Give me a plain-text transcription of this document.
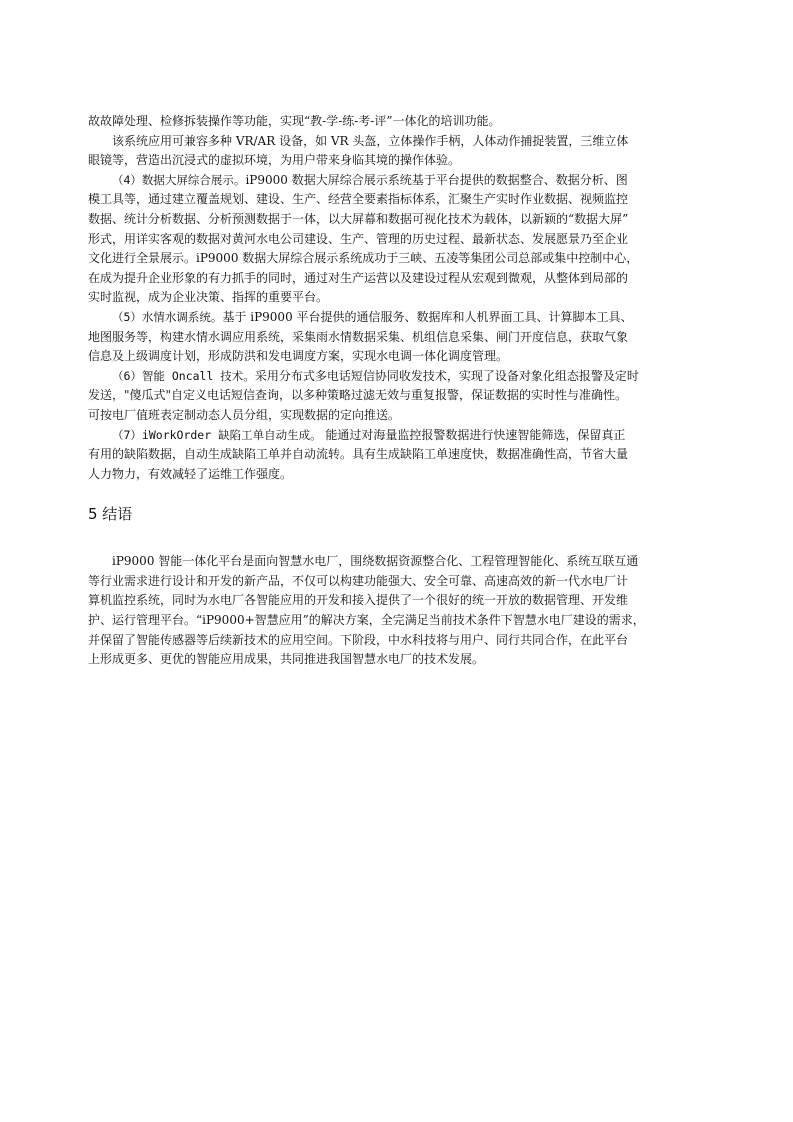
故故障处理、检修拆装操作等功能，实现“教-学-练-考-评”一体化的培训功能。
该系统应用可兼容多种 VR/AR 设备，如 VR 头盔，立体操作手柄，人体动作捕捉装置，三维立体
眼镜等，营造出沉浸式的虚拟环境，为用户带来身临其境的操作体验。
（4）数据大屏综合展示。iP9000 数据大屏综合展示系统基于平台提供的数据整合、数据分析、图
模工具等，通过建立覆盖规划、建设、生产、经营全要素指标体系，汇聚生产实时作业数据、视频监控
数据、统计分析数据、分析预测数据于一体，以大屏幕和数据可视化技术为载体，以新颖的“数据大屏”
形式，用详实客观的数据对黄河水电公司建设、生产、管理的历史过程、最新状态、发展愿景乃至企业
文化进行全景展示。iP9000 数据大屏综合展示系统成功于三峡、五凌等集团公司总部或集中控制中心，
在成为提升企业形象的有力抓手的同时，通过对生产运营以及建设过程从宏观到微观，从整体到局部的
实时监视，成为企业决策、指挥的重要平台。
（5）水情水调系统。基于 iP9000 平台提供的通信服务、数据库和人机界面工具、计算脚本工具、
地图服务等，构建水情水调应用系统，采集雨水情数据采集、机组信息采集、闸门开度信息，获取气象
信息及上级调度计划，形成防洪和发电调度方案，实现水电调一体化调度管理。
（6）智能 Oncall 技术。采用分布式多电话短信协同收发技术，实现了设备对象化组态报警及定时
发送，"傻瓜式"自定义电话短信查询，以多种策略过滤无效与重复报警，保证数据的实时性与准确性。
可按电厂值班表定制动态人员分组，实现数据的定向推送。
（7）iWorkOrder 缺陷工单自动生成。 能通过对海量监控报警数据进行快速智能筛选，保留真正
有用的缺陷数据，自动生成缺陷工单并自动流转。具有生成缺陷工单速度快，数据准确性高，节省大量
人力物力，有效减轻了运维工作强度。
5 结语
iP9000 智能一体化平台是面向智慧水电厂，围绕数据资源整合化、工程管理智能化、系统互联互通
等行业需求进行设计和开发的新产品，不仅可以构建功能强大、安全可靠、高速高效的新一代水电厂计
算机监控系统，同时为水电厂各智能应用的开发和接入提供了一个很好的统一开放的数据管理、开发维
护、运行管理平台。“iP9000+智慧应用”的解决方案，全完满足当前技术条件下智慧水电厂建设的需求，
并保留了智能传感器等后续新技术的应用空间。下阶段，中水科技将与用户、同行共同合作，在此平台
上形成更多、更优的智能应用成果，共同推进我国智慧水电厂的技术发展。
